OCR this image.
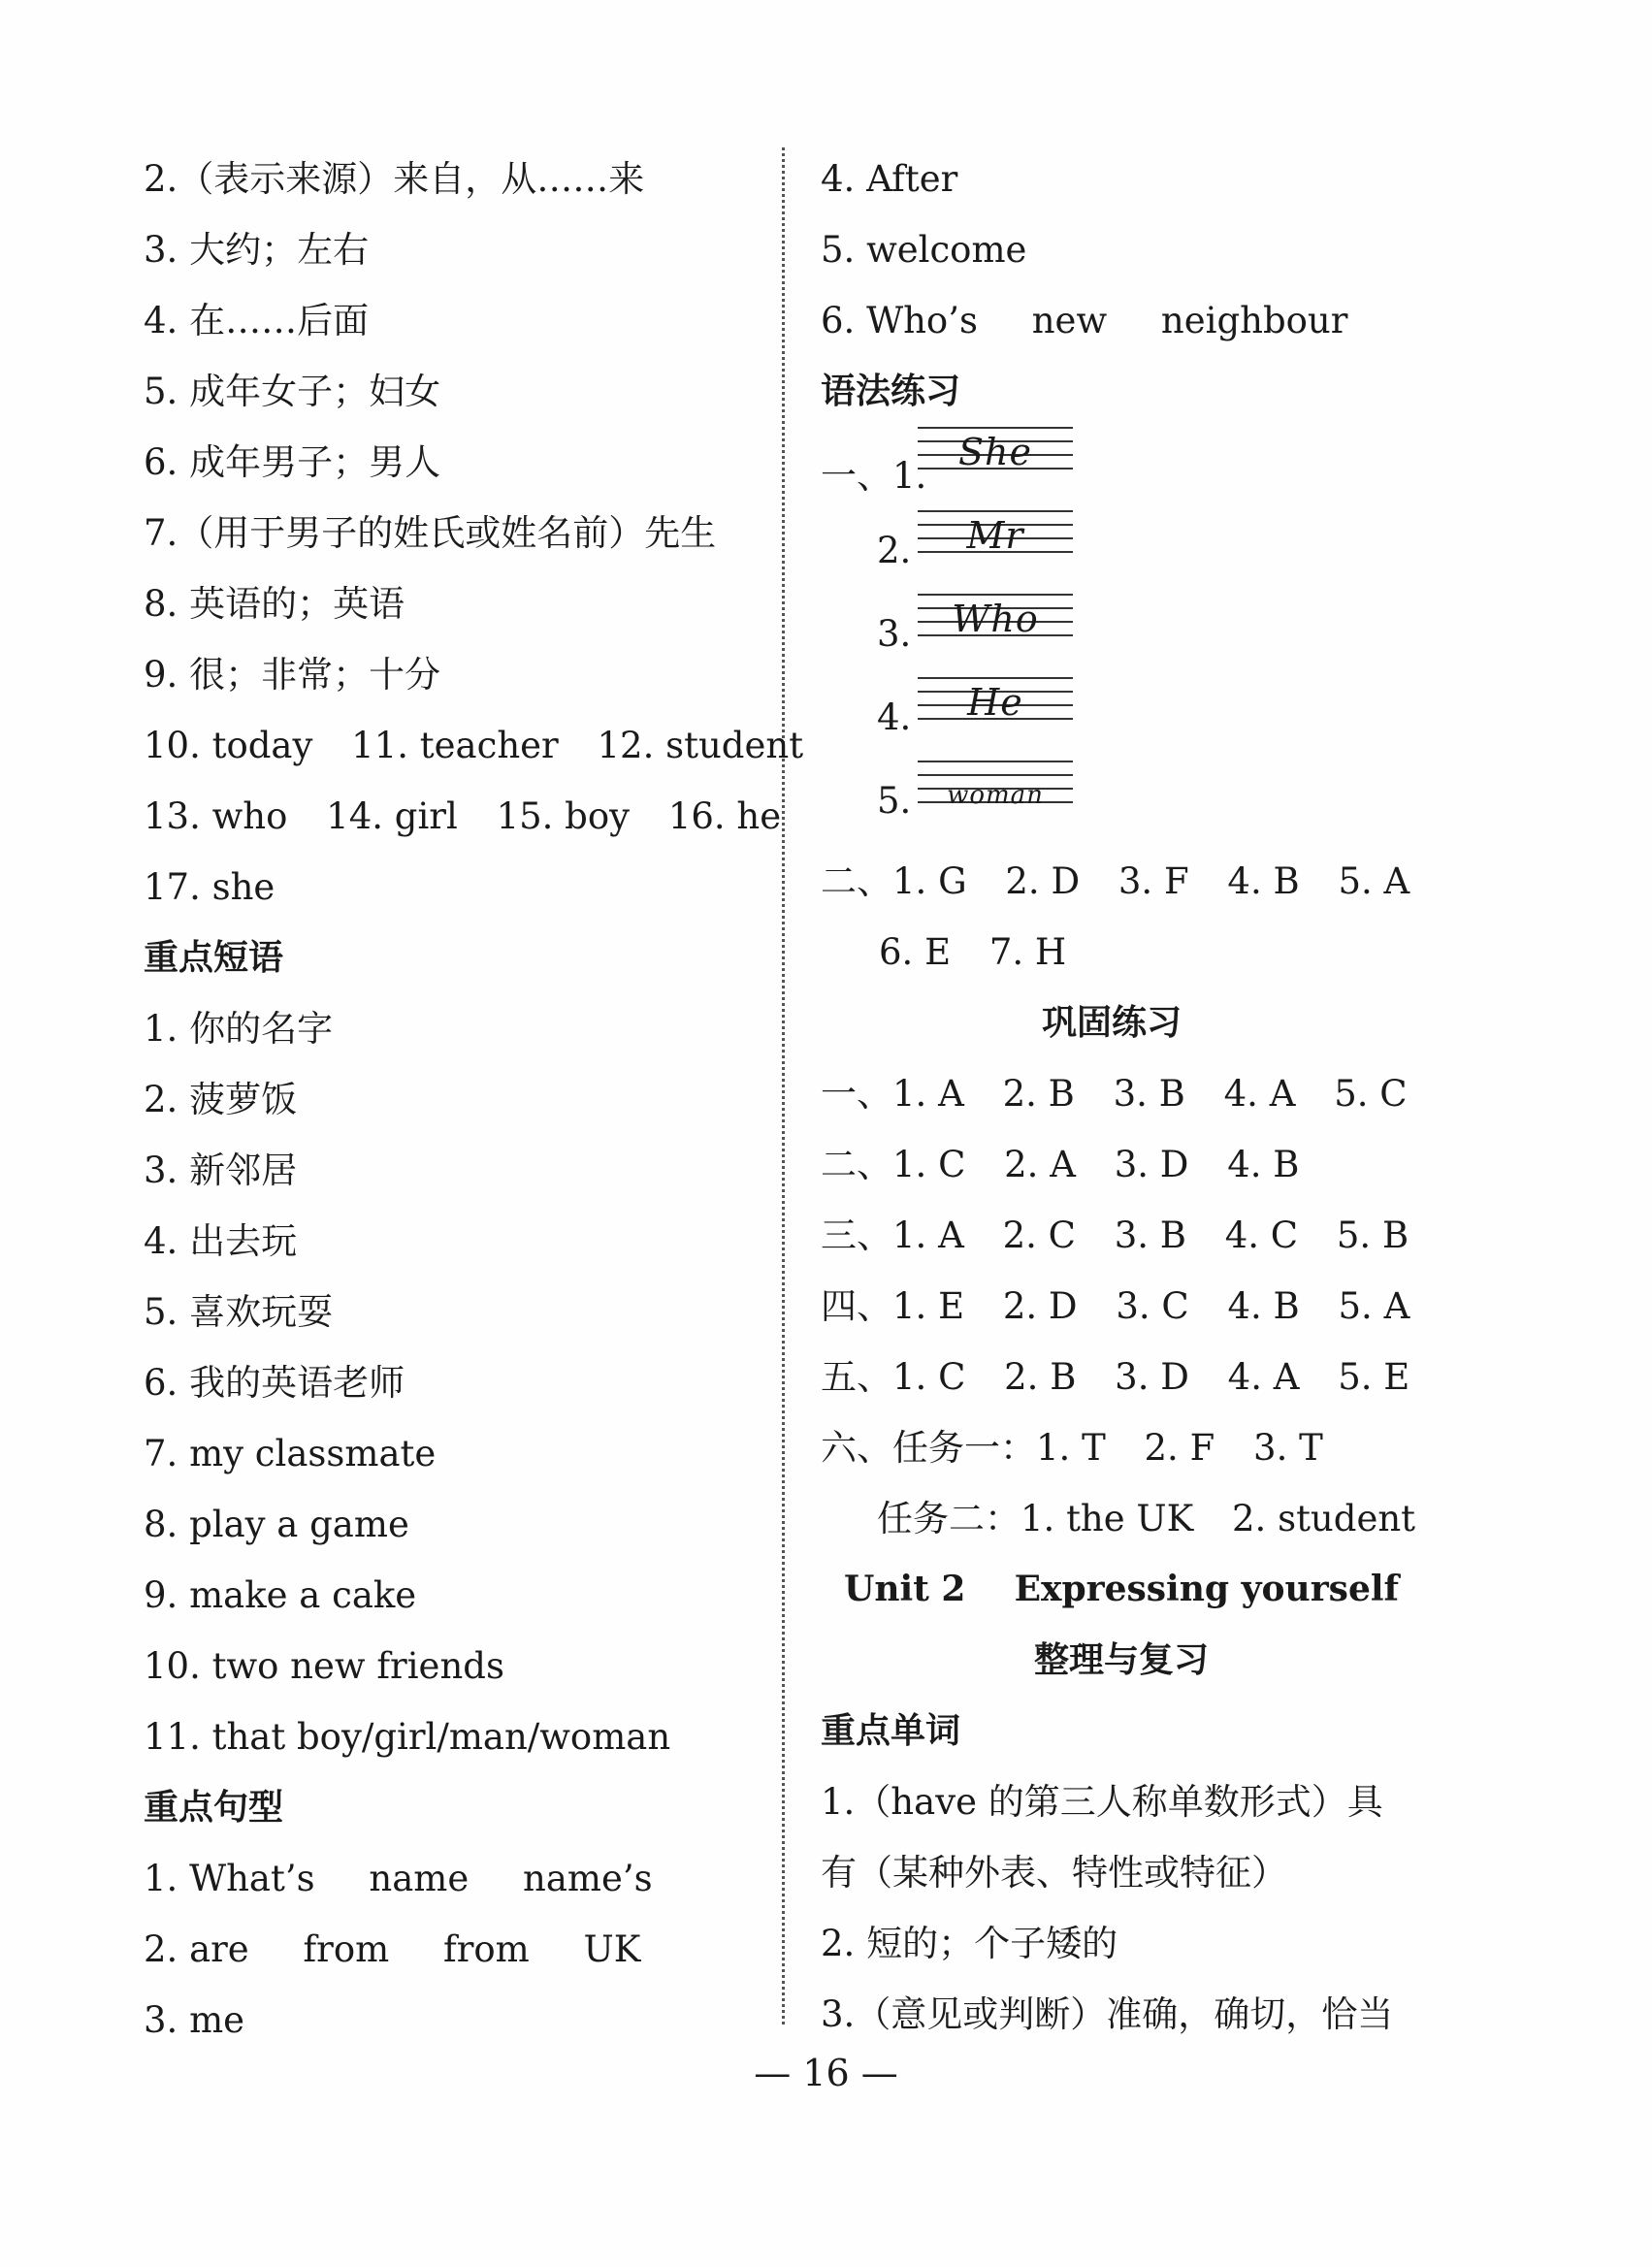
2.（表示来源）来自，从……来
3. 大约；左右
4. 在……后面
5. 成年女子；妇女
6. 成年男子；男人
7.（用于男子的姓氏或姓名前）先生
8. 英语的；英语
9. 很；非常；十分
10. today 11. teacher 12. student
13. who 14. girl 15. boy 16. he
17. she
重点短语
1. 你的名字
2. 菠萝饭
3. 新邻居
4. 出去玩
5. 喜欢玩耍
6. 我的英语老师
7. my classmate
8. play a game
9. make a cake
10. two new friends
11. that boy/girl/man/woman
重点句型
1. What’s name name’s
2. are from from UK
3. me
4. After
5. welcome
6. Who’s new neighbour
语法练习
一、1.
She
2.	Mr
3.	Who
4.	He
5.	woman
二、1. G 2. D 3. F 4. B 5. A
6. E 7. H
巩固练习
一、1. A 2. B 3. B 4. A 5. C
二、1. C 2. A 3. D 4. B
三、1. A 2. C 3. B 4. C 5. B
四、1. E 2. D 3. C 4. B 5. A
五、1. C 2. B 3. D 4. A 5. E
六、任务一：1. T 2. F 3. T
任务二：1. the UK 2. student
Unit 2    Expressing yourself
整理与复习
重点单词
1.（have 的第三人称单数形式）具
有（某种外表、特性或特征）
2. 短的；个子矮的
3.（意见或判断）准确，确切，恰当
— 16 —
